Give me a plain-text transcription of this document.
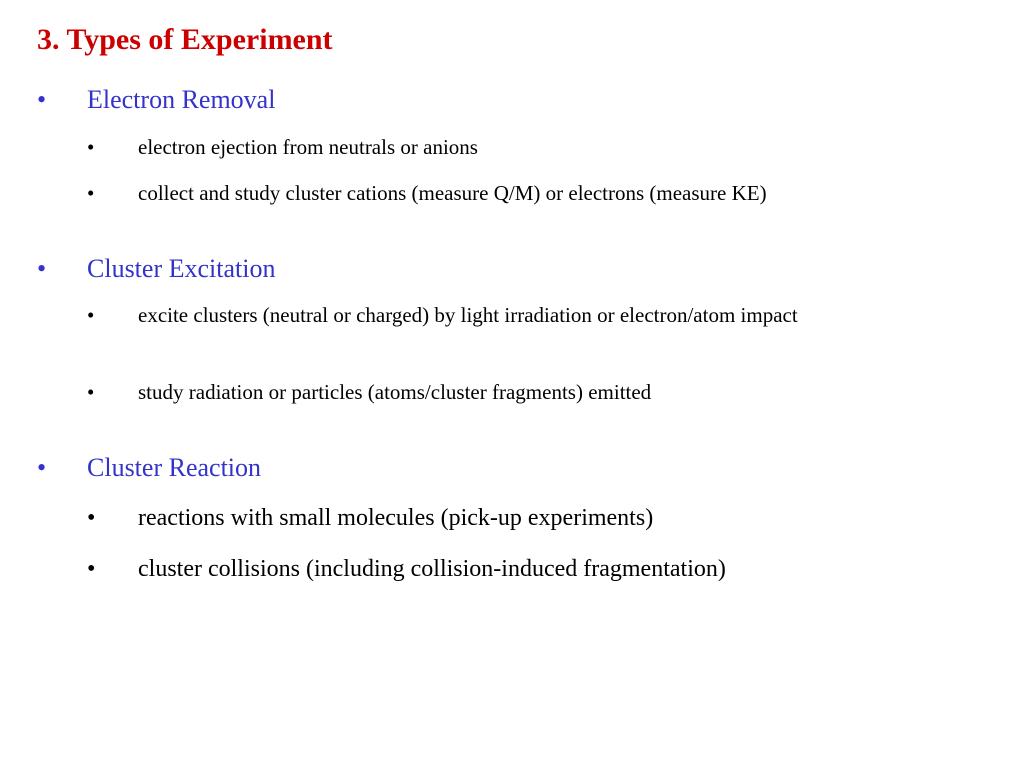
3. Types of Experiment
• Electron Removal
• electron ejection from neutrals or anions
• collect and study cluster cations (measure Q/M) or electrons (measure KE)
• Cluster Excitation
• excite clusters (neutral or charged) by light irradiation or electron/atom impact
• study radiation or particles (atoms/cluster fragments) emitted
• Cluster Reaction
• reactions with small molecules (pick-up experiments)
• cluster collisions (including collision-induced fragmentation)
